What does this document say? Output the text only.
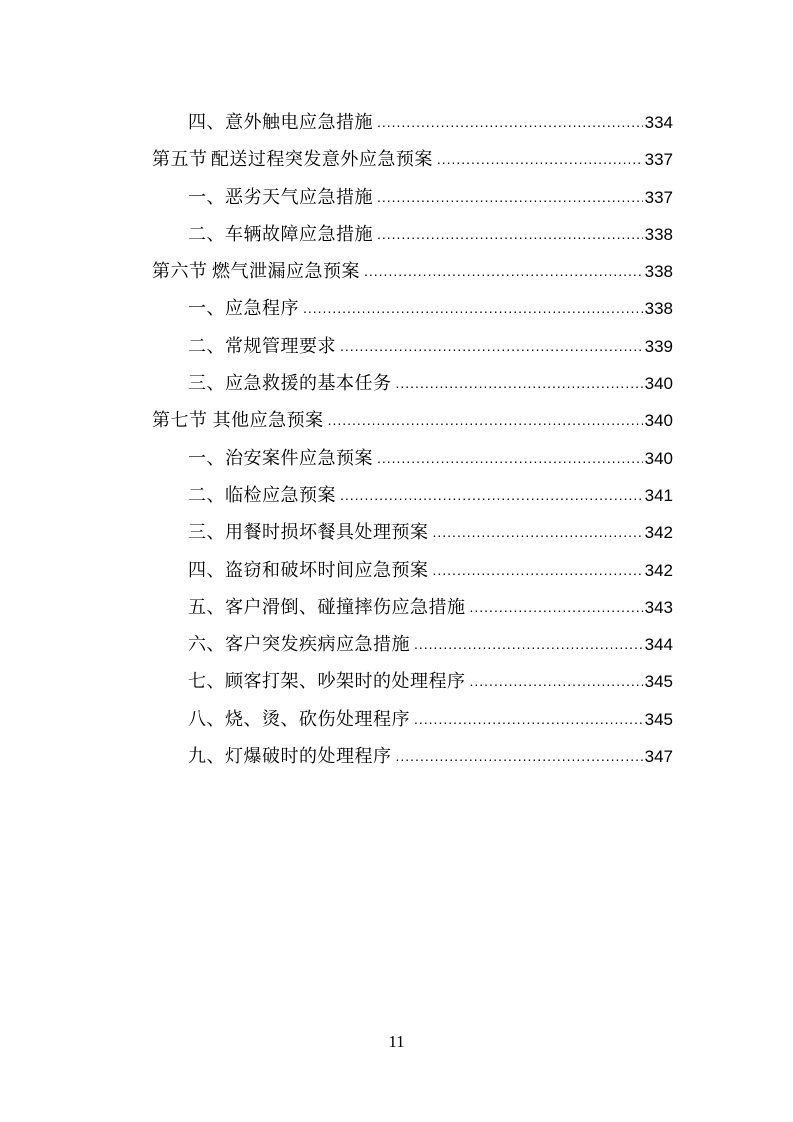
四、 意外触电应急措施 .....	334
第五节 配送过程突发意外应急预案 .....	337
一、 恶劣天气应急措施 .....	337
二、 车辆故障应急措施 .....	338
第六节 燃气泄漏应急预案 .....	338
一、 应急程序 .....	338
二、 常规管理要求 .....	339
三、 应急救援的基本任务 .....	340
第七节 其他应急预案 .....	340
一、 治安案件应急预案 .....	340
二、 临检应急预案 .....	341
三、 用餐时损坏餐具处理预案 .....	342
四、 盗窃和破坏时间应急预案 .....	342
五、 客户滑倒、碰撞摔伤应急措施 .....	343
六、 客户突发疾病应急措施 .....	344
七、 顾客打架、吵架时的处理程序 .....	345
八、 烧、烫、砍伤处理程序 .....	345
九、 灯爆破时的处理程序 .....	347
11
